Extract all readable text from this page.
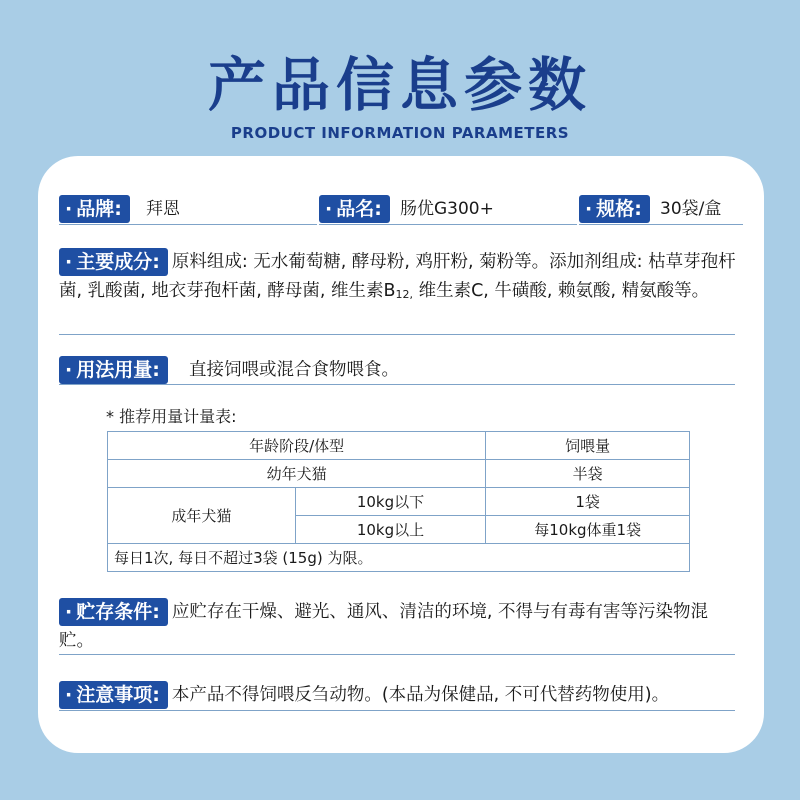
产品信息参数
PRODUCT INFORMATION PARAMETERS
· 品牌:	拜恩	· 品名:	肠优G300+	· 规格:	30袋/盒
· 主要成分: 原料组成: 无水葡萄糖, 酵母粉, 鸡肝粉, 菊粉等。添加剂组成: 枯草芽孢杆菌, 乳酸菌, 地衣芽孢杆菌, 酵母菌, 维生素$B_{12,}$ 维生素C, 牛磺酸, 赖氨酸, 精氨酸等。
· 用法用量:	直接饲喂或混合食物喂食。
* 推荐用量计量表:
年龄阶段/体型		饲喂量
幼年犬猫		半袋
成年犬猫	10kg以下	1袋
	10kg以上	每10kg体重1袋
每日1次, 每日不超过3袋 (15g) 为限。		
· 贮存条件: 应贮存在干燥、避光、通风、清洁的环境, 不得与有毒有害等污染物混贮。
· 注意事项: 本产品不得饲喂反刍动物。(本品为保健品, 不可代替药物使用)。
